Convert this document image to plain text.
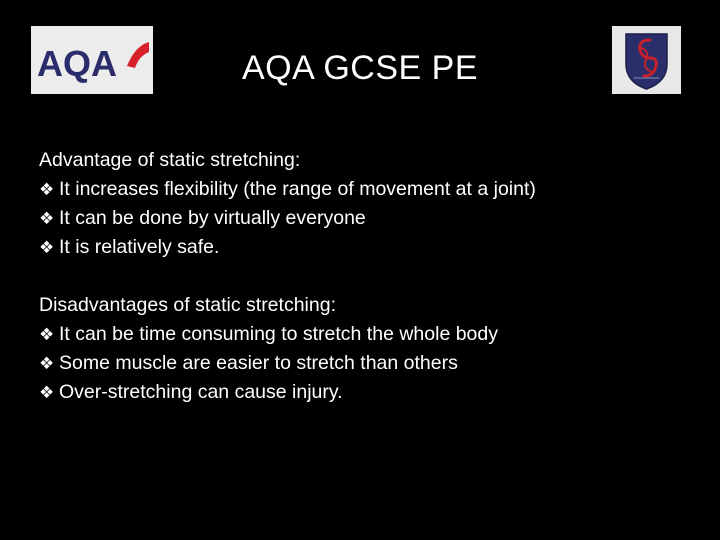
AQA	AQA GCSE PE
Advantage of static stretching:
❖ It increases flexibility (the range of movement at a joint)
❖ It can be done by virtually everyone
❖ It is relatively safe.
Disadvantages of static stretching:
❖ It can be time consuming to stretch the whole body
❖ Some muscle are easier to stretch than others
❖ Over-stretching can cause injury.
